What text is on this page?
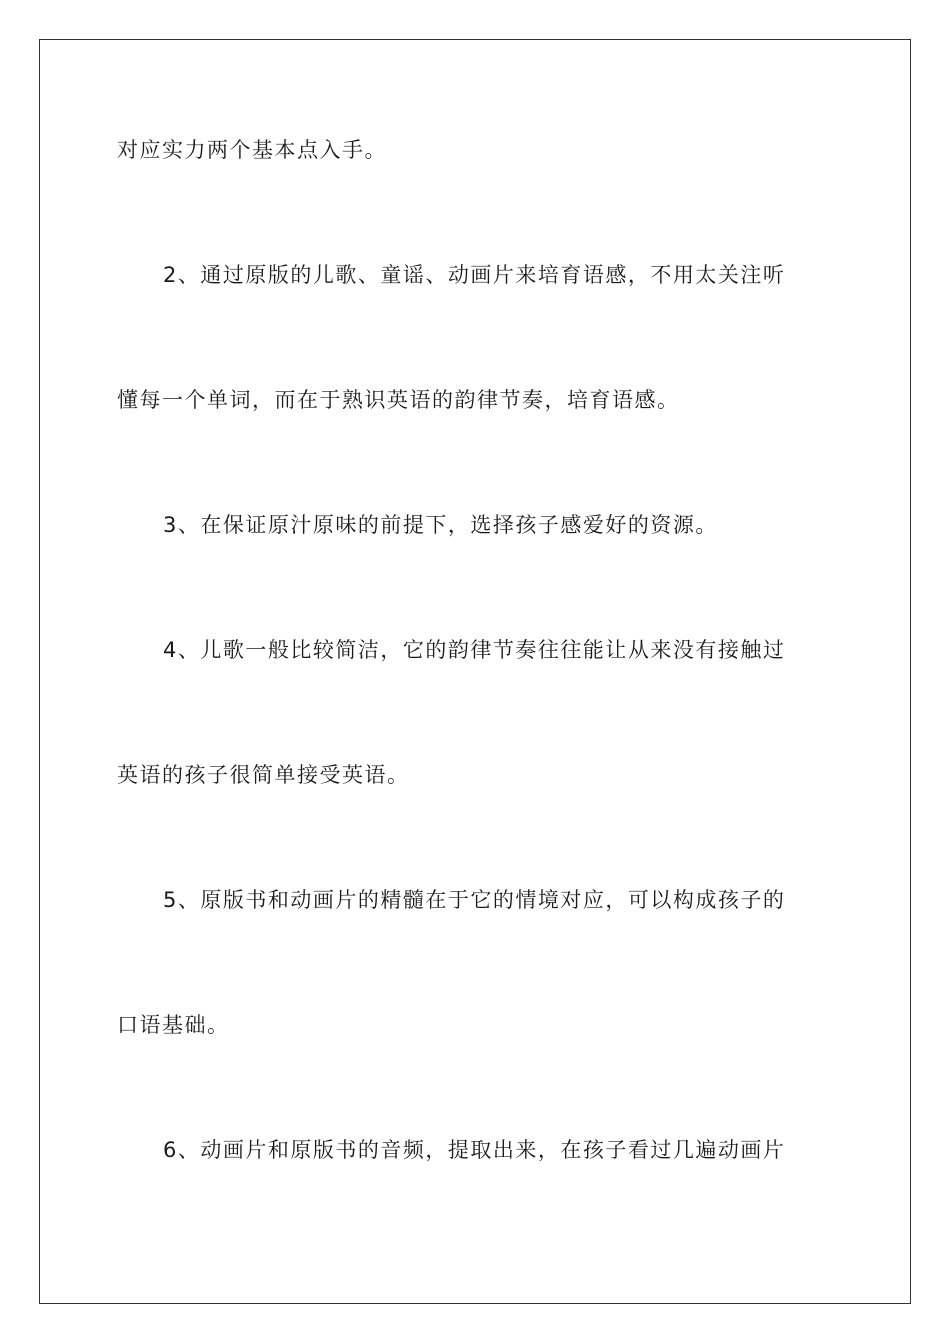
对应实力两个基本点入手。
2、通过原版的儿歌、童谣、动画片来培育语感，不用太关注听
懂每一个单词，而在于熟识英语的韵律节奏，培育语感。
3、在保证原汁原味的前提下，选择孩子感爱好的资源。
4、儿歌一般比较简洁，它的韵律节奏往往能让从来没有接触过
英语的孩子很简单接受英语。
5、原版书和动画片的精髓在于它的情境对应，可以构成孩子的
口语基础。
6、动画片和原版书的音频，提取出来，在孩子看过几遍动画片
